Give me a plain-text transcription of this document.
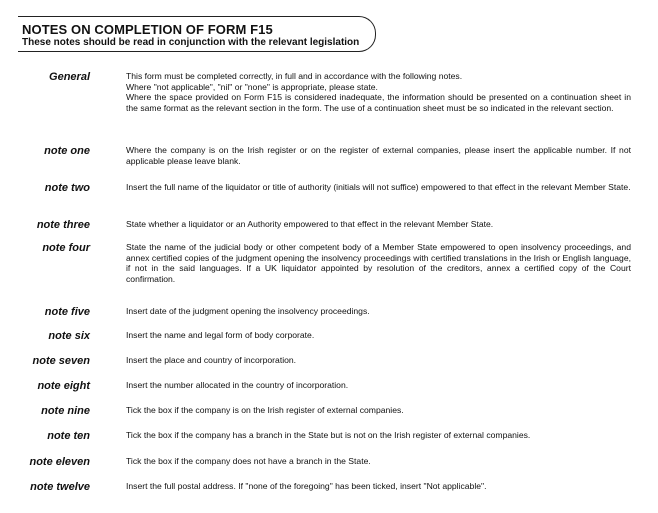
NOTES ON COMPLETION OF FORM F15
These notes should be read in conjunction with the relevant legislation
General	This form must be completed correctly, in full and in accordance with the following notes.
Where "not applicable", "nil" or "none" is appropriate, please state.
Where the space provided on Form F15 is considered inadequate, the information should be presented on a continuation sheet in the same format as the relevant section in the form. The use of a continuation sheet must be so indicated in the relevant section.
note one	Where the company is on the Irish register or on the register of external companies, please insert the applicable number. If not applicable please leave blank.
note two	Insert the full name of the liquidator or title of authority (initials will not suffice) empowered to that effect in the relevant Member State.
note three	State whether a liquidator or an Authority empowered to that effect in the relevant Member State.
note four	State the name of the judicial body or other competent body of a Member State empowered to open insolvency proceedings, and annex certified copies of the judgment opening the insolvency proceedings with certified translations in the Irish or English language, if not in the said languages. If a UK liquidator appointed by resolution of the creditors, annex a certified copy of the Court confirmation.
note five	Insert date of the judgment opening the insolvency proceedings.
note six	Insert the name and legal form of body corporate.
note seven	Insert the place and country of incorporation.
note eight	Insert the number allocated in the country of incorporation.
note nine	Tick the box if the company is on the Irish register of external companies.
note ten	Tick the box if the company has a branch in the State but is not on the Irish register of external companies.
note eleven	Tick the box if the company does not have a branch in the State.
note twelve	Insert the full postal address. If "none of the foregoing" has been ticked, insert "Not applicable".
